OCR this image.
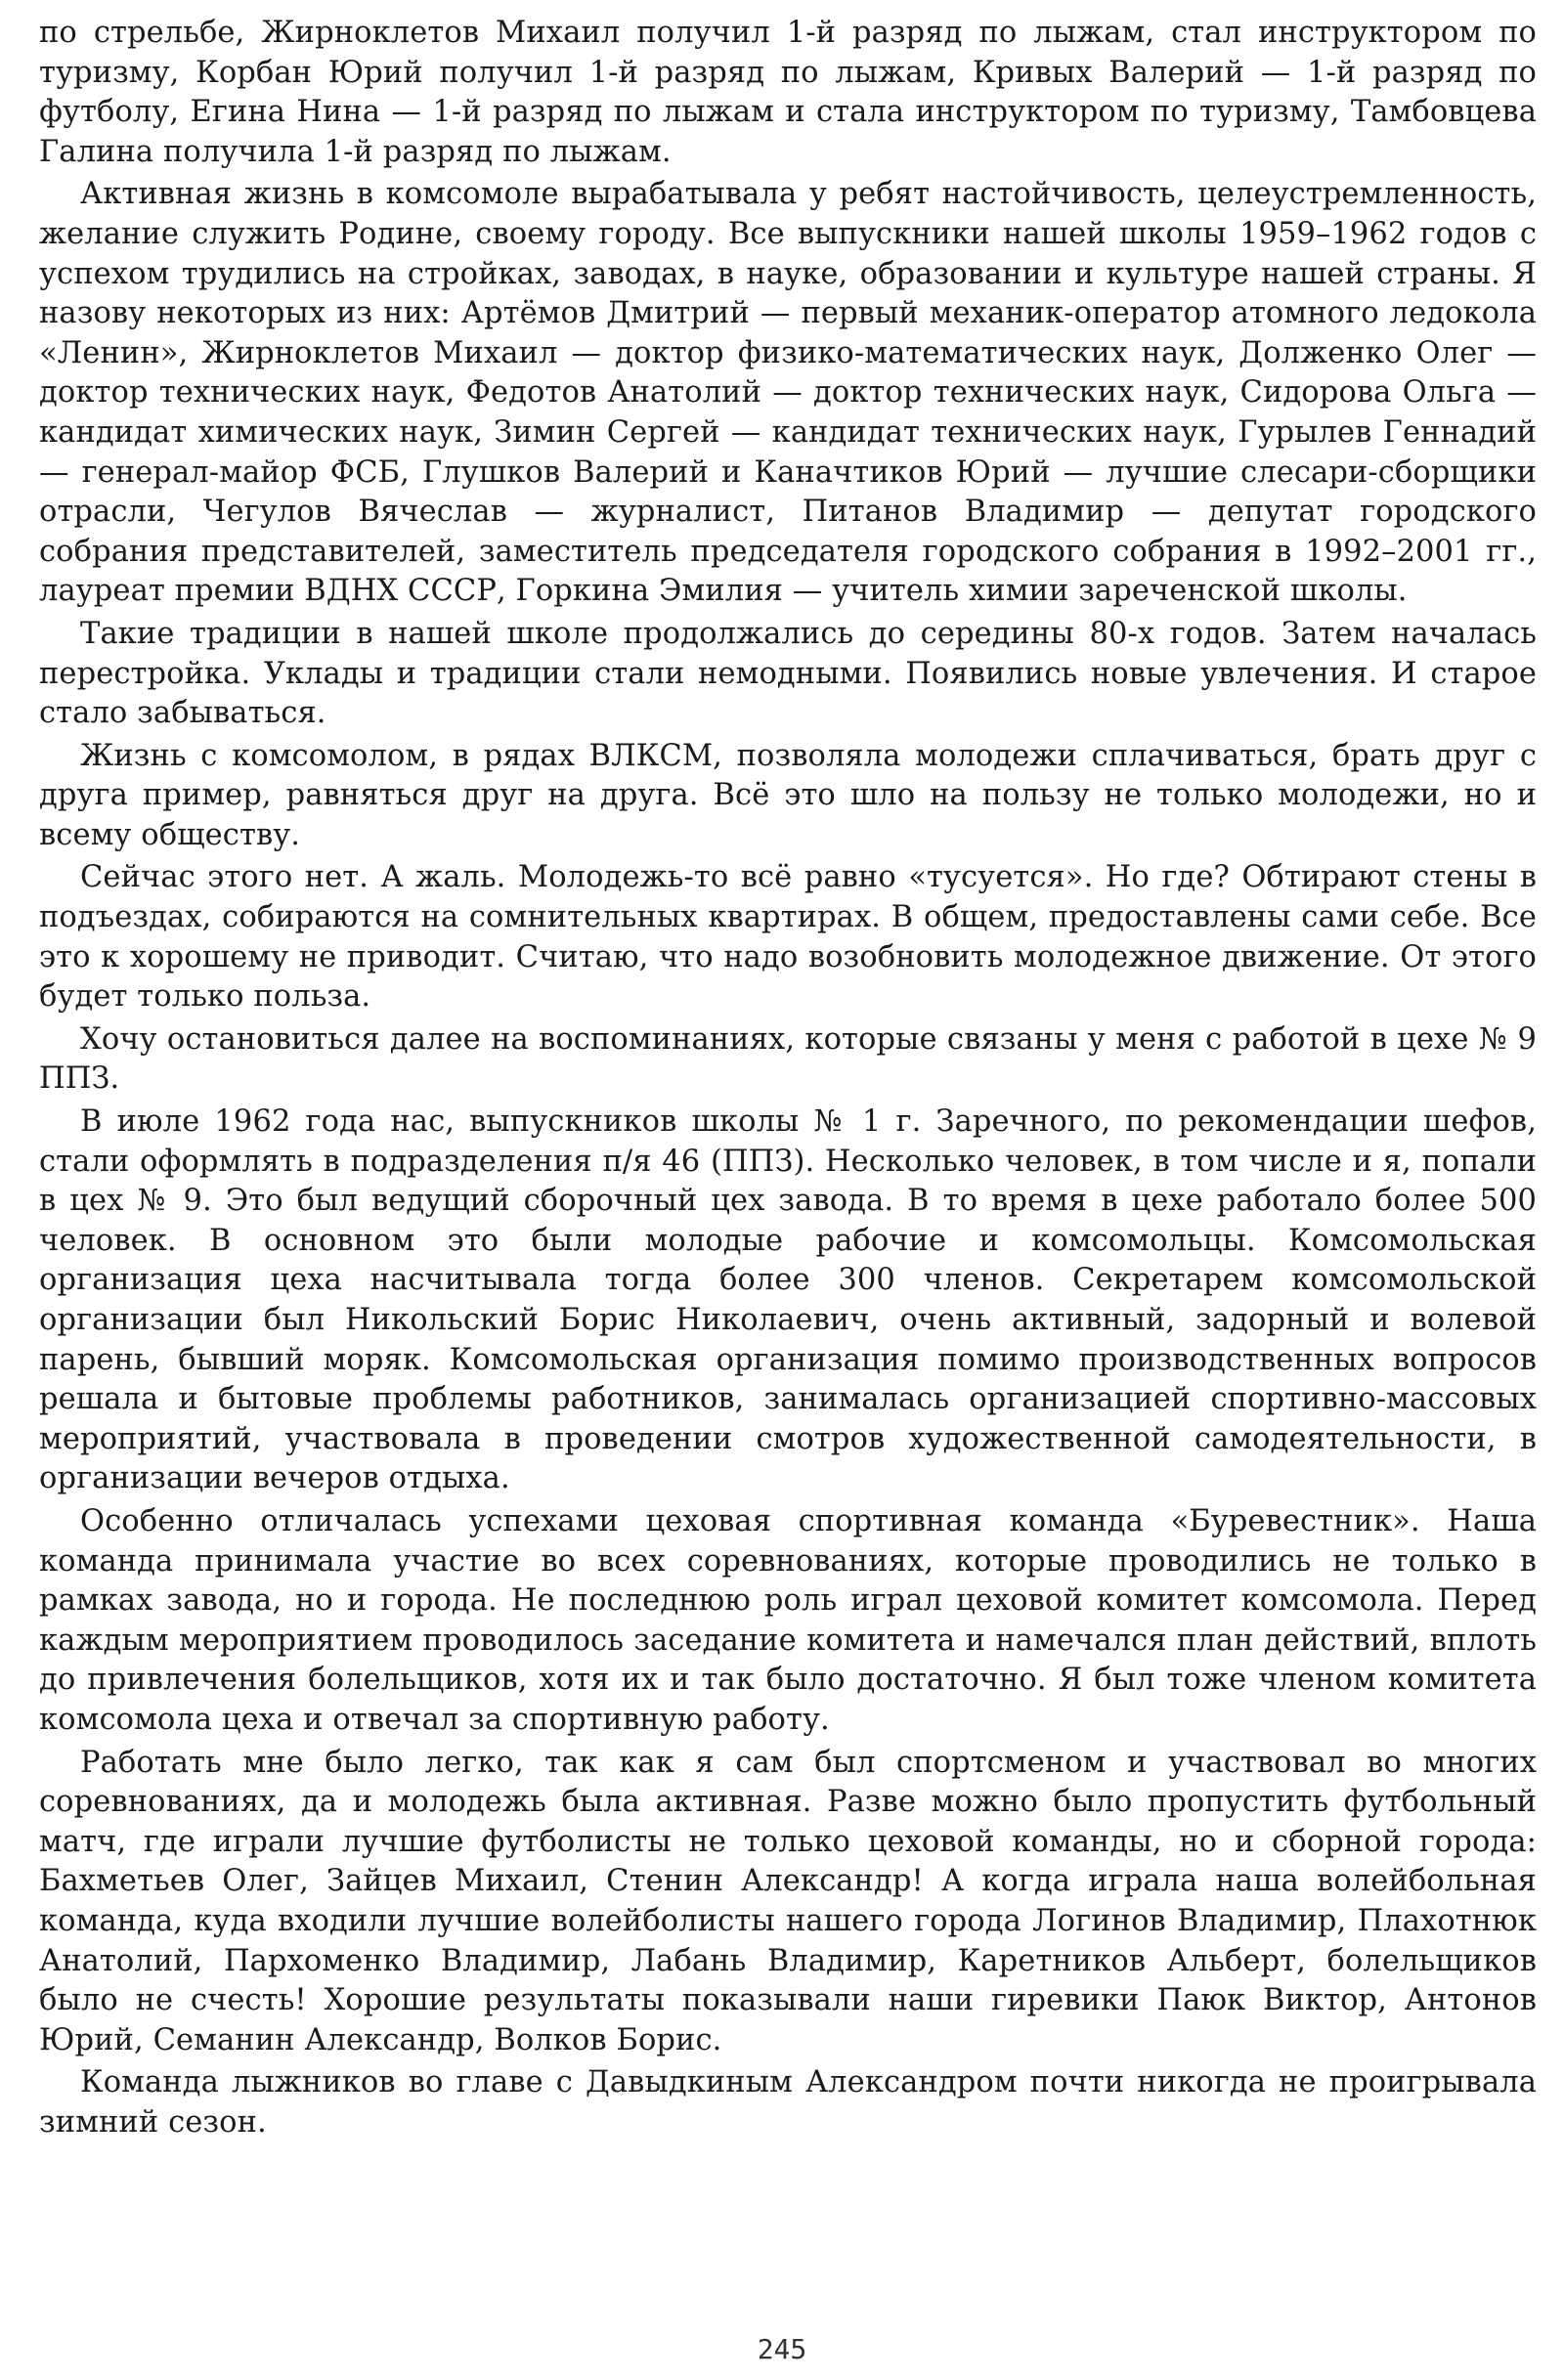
по стрельбе, Жирноклетов Михаил получил 1-й разряд по лыжам, стал инструктором по туризму, Корбан Юрий получил 1-й разряд по лыжам, Кривых Валерий — 1-й разряд по футболу, Егина Нина — 1-й разряд по лыжам и стала инструктором по туризму, Тамбовцева Галина получила 1-й разряд по лыжам.

Активная жизнь в комсомоле вырабатывала у ребят настойчивость, целеустремленность, желание служить Родине, своему городу. Все выпускники нашей школы 1959–1962 годов с успехом трудились на стройках, заводах, в науке, образовании и культуре нашей страны. Я назову некоторых из них: Артёмов Дмитрий — первый механик-оператор атомного ледокола «Ленин», Жирноклетов Михаил — доктор физико-математических наук, Долженко Олег — доктор технических наук, Федотов Анатолий — доктор технических наук, Сидорова Ольга — кандидат химических наук, Зимин Сергей — кандидат технических наук, Гурылев Геннадий — генерал-майор ФСБ, Глушков Валерий и Каначтиков Юрий — лучшие слесари-сборщики отрасли, Чегулов Вячеслав — журналист, Питанов Владимир — депутат городского собрания представителей, заместитель председателя городского собрания в 1992–2001 гг., лауреат премии ВДНХ СССР, Горкина Эмилия — учитель химии зареченской школы.

Такие традиции в нашей школе продолжались до середины 80-х годов. Затем началась перестройка. Уклады и традиции стали немодными. Появились новые увлечения. И старое стало забываться.

Жизнь с комсомолом, в рядах ВЛКСМ, позволяла молодежи сплачиваться, брать друг с друга пример, равняться друг на друга. Всё это шло на пользу не только молодежи, но и всему обществу.

Сейчас этого нет. А жаль. Молодежь-то всё равно «тусуется». Но где? Обтирают стены в подъездах, собираются на сомнительных квартирах. В общем, предоставлены сами себе. Все это к хорошему не приводит. Считаю, что надо возобновить молодежное движение. От этого будет только польза.

Хочу остановиться далее на воспоминаниях, которые связаны у меня с работой в цехе № 9 ППЗ.

В июле 1962 года нас, выпускников школы № 1 г. Заречного, по рекомендации шефов, стали оформлять в подразделения п/я 46 (ППЗ). Несколько человек, в том числе и я, попали в цех № 9. Это был ведущий сборочный цех завода. В то время в цехе работало более 500 человек. В основном это были молодые рабочие и комсомольцы. Комсомольская организация цеха насчитывала тогда более 300 членов. Секретарем комсомольской организации был Никольский Борис Николаевич, очень активный, задорный и волевой парень, бывший моряк. Комсомольская организация помимо производственных вопросов решала и бытовые проблемы работников, занималась организацией спортивно-массовых мероприятий, участвовала в проведении смотров художественной самодеятельности, в организации вечеров отдыха.

Особенно отличалась успехами цеховая спортивная команда «Буревестник». Наша команда принимала участие во всех соревнованиях, которые проводились не только в рамках завода, но и города. Не последнюю роль играл цеховой комитет комсомола. Перед каждым мероприятием проводилось заседание комитета и намечался план действий, вплоть до привлечения болельщиков, хотя их и так было достаточно. Я был тоже членом комитета комсомола цеха и отвечал за спортивную работу.

Работать мне было легко, так как я сам был спортсменом и участвовал во многих соревнованиях, да и молодежь была активная. Разве можно было пропустить футбольный матч, где играли лучшие футболисты не только цеховой команды, но и сборной города: Бахметьев Олег, Зайцев Михаил, Стенин Александр! А когда играла наша волейбольная команда, куда входили лучшие волейболисты нашего города Логинов Владимир, Плахотнюк Анатолий, Пархоменко Владимир, Лабань Владимир, Каретников Альберт, болельщиков было не счесть! Хорошие результаты показывали наши гиревики Паюк Виктор, Антонов Юрий, Семанин Александр, Волков Борис.

Команда лыжников во главе с Давыдкиным Александром почти никогда не проигрывала зимний сезон.

245
